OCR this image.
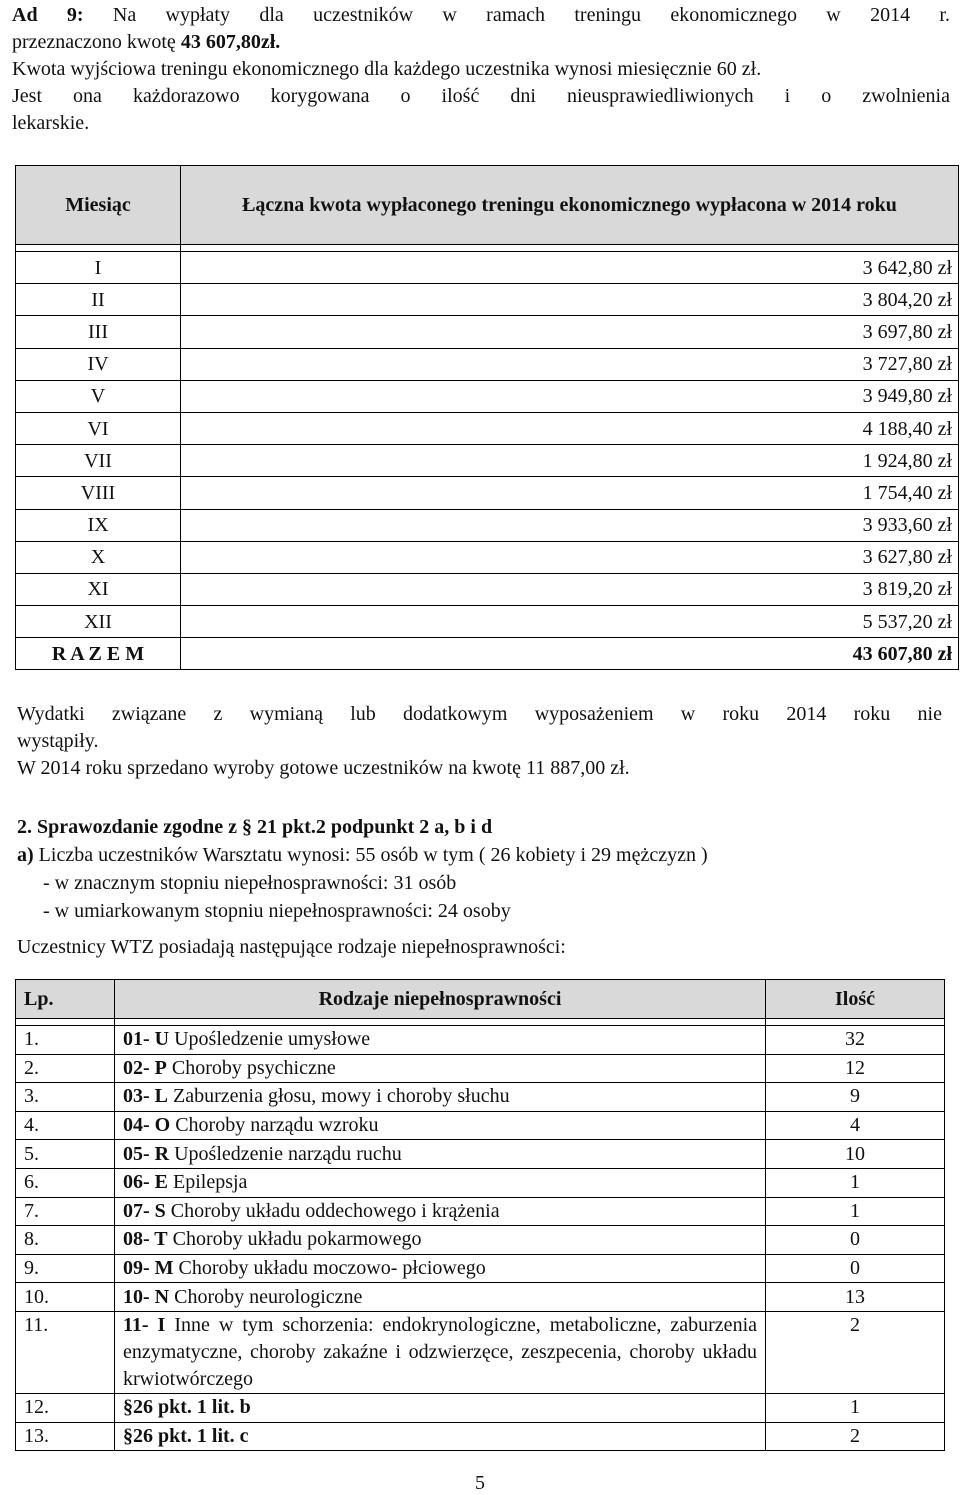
Ad 9: Na wypłaty dla uczestników w ramach treningu ekonomicznego w 2014 r.

przeznaczono kwotę 43 607,80zł.

Kwota wyjściowa treningu ekonomicznego dla każdego uczestnika wynosi miesięcznie 60 zł.

Jest ona każdorazowo korygowana o ilość dni nieusprawiedliwionych i o zwolnienia

lekarskie.

Miesiąc	Łączna kwota wypłaconego treningu ekonomicznego wypłacona w 2014 roku

I	3 642,80 zł
II	3 804,20 zł
III	3 697,80 zł
IV	3 727,80 zł
V	3 949,80 zł
VI	4 188,40 zł
VII	1 924,80 zł
VIII	1 754,40 zł
IX	3 933,60 zł
X	3 627,80 zł
XI	3 819,20 zł
XII	5 537,20 zł
R A Z E M	43 607,80 zł

Wydatki związane z wymianą lub dodatkowym wyposażeniem w roku 2014 roku nie

wystąpiły.

W 2014 roku sprzedano wyroby gotowe uczestników na kwotę 11 887,00 zł.

2. Sprawozdanie zgodne z § 21 pkt.2 podpunkt 2 a, b i d

a) Liczba uczestników Warsztatu wynosi: 55 osób w tym ( 26 kobiety i 29 mężczyzn )

- w znacznym stopniu niepełnosprawności: 31 osób

- w umiarkowanym stopniu niepełnosprawności: 24 osoby

Uczestnicy WTZ posiadają następujące rodzaje niepełnosprawności:

Lp.	Rodzaje niepełnosprawności	Ilość

1.	01- U Upośledzenie umysłowe	32
2.	02- P Choroby psychiczne	12
3.	03- L Zaburzenia głosu, mowy i choroby słuchu	9
4.	04- O Choroby narządu wzroku	4
5.	05- R Upośledzenie narządu ruchu	10
6.	06- E Epilepsja	1
7.	07- S Choroby układu oddechowego i krążenia	1
8.	08- T Choroby układu pokarmowego	0
9.	09- M Choroby układu moczowo- płciowego	0
10.	10- N Choroby neurologiczne	13
11.	11- I Inne w tym schorzenia: endokrynologiczne, metaboliczne, zaburzenia enzymatyczne, choroby zakaźne i odzwierzęce, zeszpecenia, choroby układu krwiotwórczego	2
12.	§26 pkt. 1 lit. b	1
13.	§26 pkt. 1 lit. c	2
5
